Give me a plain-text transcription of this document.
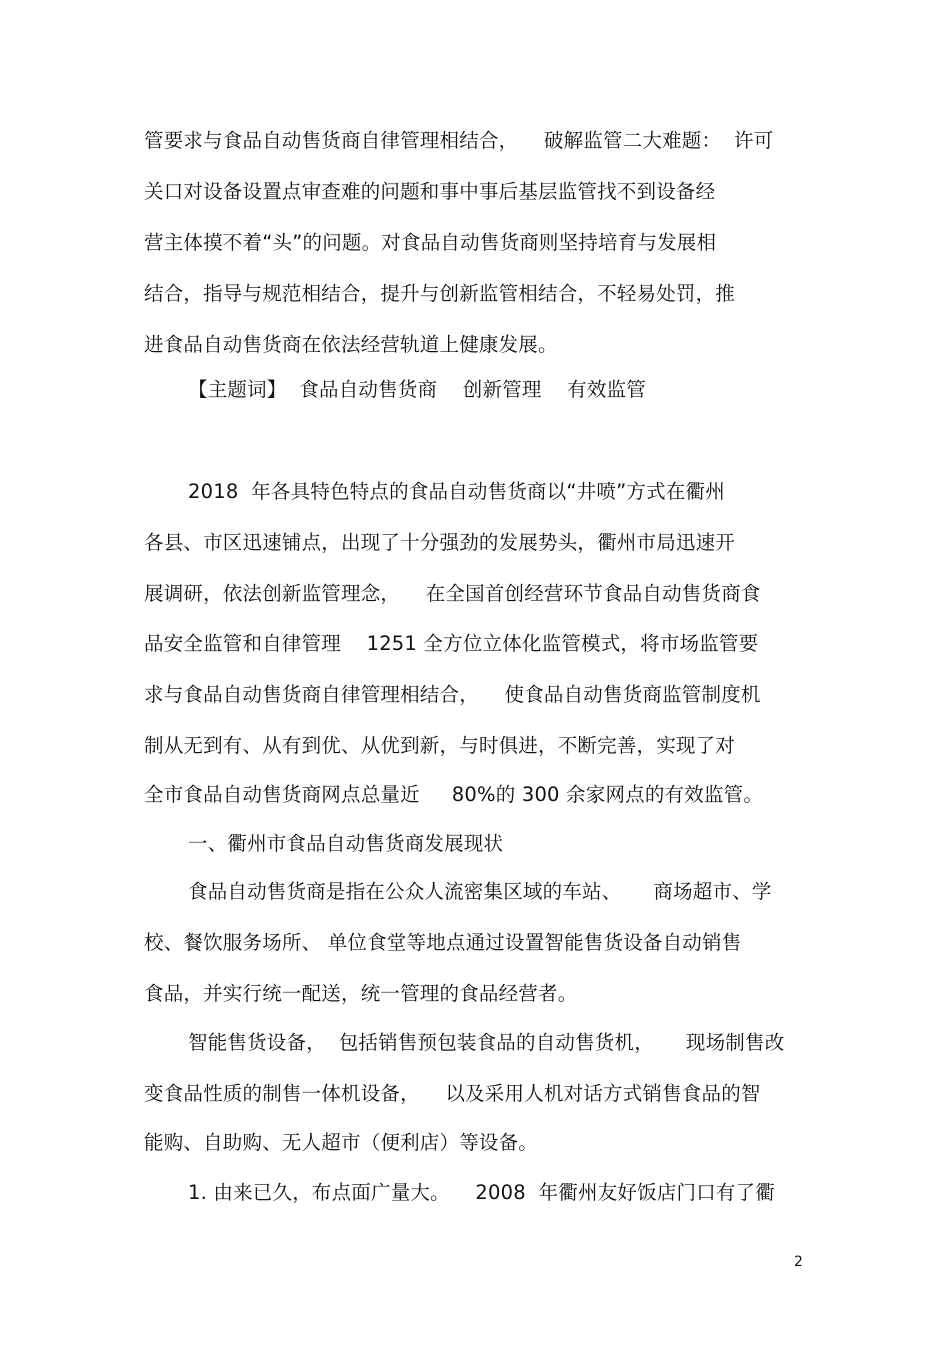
管要求与食品自动售货商自律管理相结合，    破解监管二大难题：  许可
关口对设备设置点审查难的问题和事中事后基层监管找不到设备经
营主体摸不着“头”的问题。对食品自动售货商则坚持培育与发展相
结合，指导与规范相结合，提升与创新监管相结合，不轻易处罚，推
进食品自动售货商在依法经营轨道上健康发展。
【主题词】  食品自动售货商    创新管理    有效监管
2018  年各具特色特点的食品自动售货商以“井喷”方式在衢州
各县、市区迅速铺点，出现了十分强劲的发展势头，衢州市局迅速开
展调研，依法创新监管理念，    在全国首创经营环节食品自动售货商食
品安全监管和自律管理    1251 全方位立体化监管模式，将市场监管要
求与食品自动售货商自律管理相结合，    使食品自动售货商监管制度机
制从无到有、从有到优、从优到新，与时俱进，不断完善，实现了对
全市食品自动售货商网点总量近     80%的 300 余家网点的有效监管。
一、衢州市食品自动售货商发展现状
食品自动售货商是指在公众人流密集区域的车站、     商场超市、学
校、餐饮服务场所、 单位食堂等地点通过设置智能售货设备自动销售
食品，并实行统一配送，统一管理的食品经营者。
智能售货设备，  包括销售预包装食品的自动售货机，     现场制售改
变食品性质的制售一体机设备，    以及采用人机对话方式销售食品的智
能购、自助购、无人超市（便利店）等设备。
1. 由来已久，布点面广量大。    2008  年衢州友好饭店门口有了衢
2
